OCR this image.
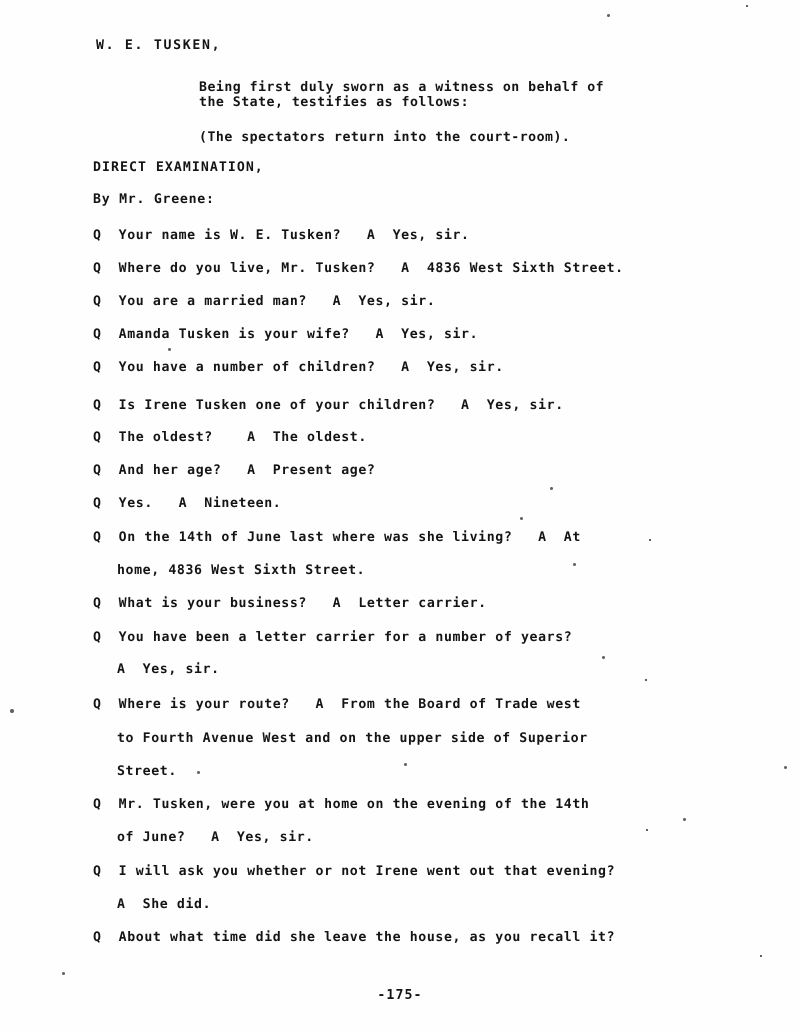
W. E. TUSKEN,
Being first duly sworn as a witness on behalf of
the State, testifies as follows:
(The spectators return into the court-room).
DIRECT EXAMINATION,
By Mr. Greene:
Q  Your name is W. E. Tusken?   A  Yes, sir.
Q  Where do you live, Mr. Tusken?   A  4836 West Sixth Street.
Q  You are a married man?   A  Yes, sir.
Q  Amanda Tusken is your wife?   A  Yes, sir.
Q  You have a number of children?   A  Yes, sir.
Q  Is Irene Tusken one of your children?   A  Yes, sir.
Q  The oldest?    A  The oldest.
Q  And her age?   A  Present age?
Q  Yes.   A  Nineteen.
Q  On the 14th of June last where was she living?   A  At
home, 4836 West Sixth Street.
Q  What is your business?   A  Letter carrier.
Q  You have been a letter carrier for a number of years?
A  Yes, sir.
Q  Where is your route?   A  From the Board of Trade west
to Fourth Avenue West and on the upper side of Superior
Street.
Q  Mr. Tusken, were you at home on the evening of the 14th
of June?   A  Yes, sir.
Q  I will ask you whether or not Irene went out that evening?
A  She did.
Q  About what time did she leave the house, as you recall it?
-175-
